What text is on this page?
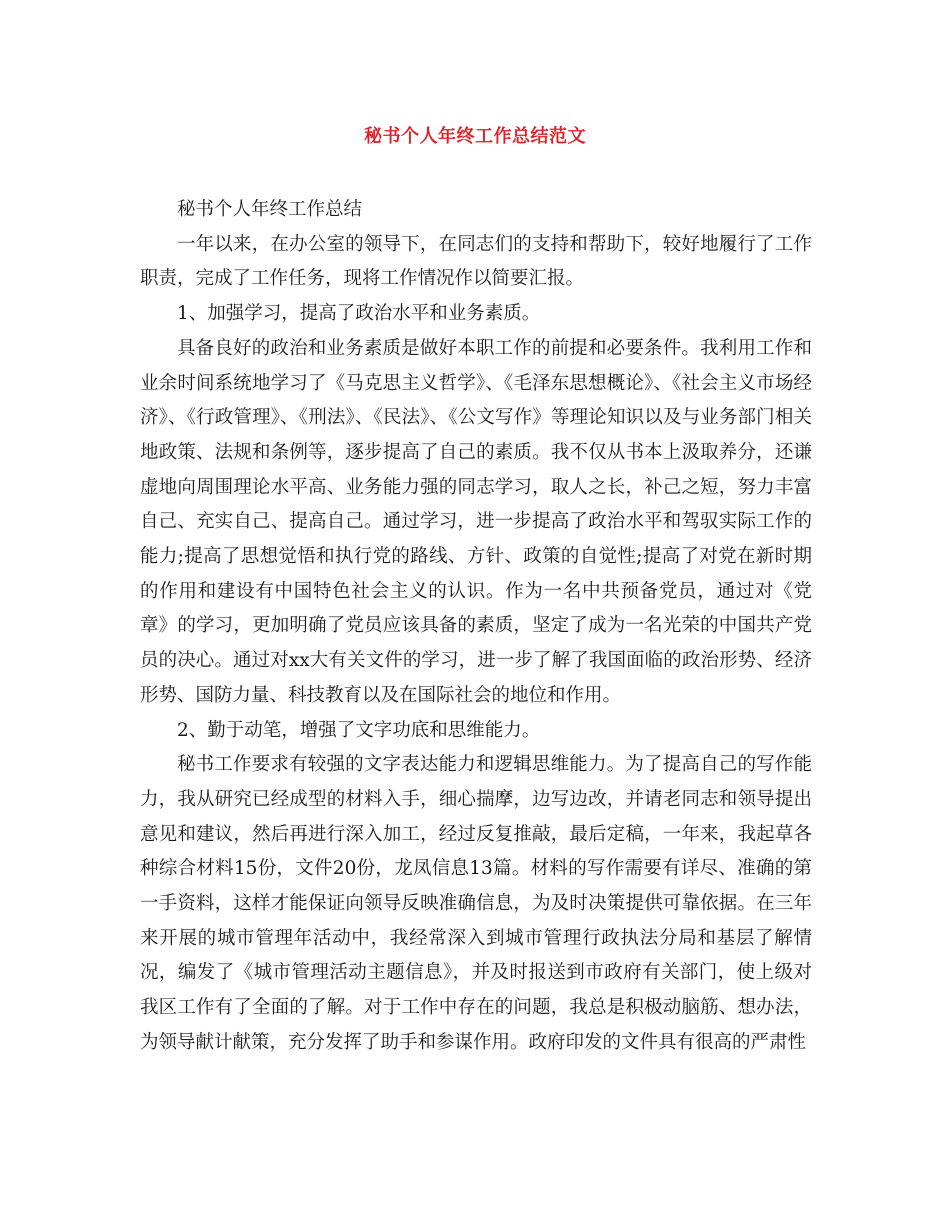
秘书个人年终工作总结范文

秘书个人年终工作总结

一年以来，在办公室的领导下，在同志们的支持和帮助下，较好地履行了工作职责，完成了工作任务，现将工作情况作以简要汇报。

1、加强学习，提高了政治水平和业务素质。

具备良好的政治和业务素质是做好本职工作的前提和必要条件。我利用工作和业余时间系统地学习了《马克思主义哲学》、《毛泽东思想概论》、《社会主义市场经济》、《行政管理》、《刑法》、《民法》、《公文写作》等理论知识以及与业务部门相关地政策、法规和条例等，逐步提高了自己的素质。我不仅从书本上汲取养分，还谦虚地向周围理论水平高、业务能力强的同志学习，取人之长，补己之短，努力丰富自己、充实自己、提高自己。通过学习，进一步提高了政治水平和驾驭实际工作的能力;提高了思想觉悟和执行党的路线、方针、政策的自觉性;提高了对党在新时期的作用和建设有中国特色社会主义的认识。作为一名中共预备党员，通过对《党章》的学习，更加明确了党员应该具备的素质，坚定了成为一名光荣的中国共产党员的决心。通过对xx大有关文件的学习，进一步了解了我国面临的政治形势、经济形势、国防力量、科技教育以及在国际社会的地位和作用。

2、勤于动笔，增强了文字功底和思维能力。

秘书工作要求有较强的文字表达能力和逻辑思维能力。为了提高自己的写作能力，我从研究已经成型的材料入手，细心揣摩，边写边改，并请老同志和领导提出意见和建议，然后再进行深入加工，经过反复推敲，最后定稿，一年来，我起草各种综合材料15份，文件20份，龙凤信息13篇。材料的写作需要有详尽、准确的第一手资料，这样才能保证向领导反映准确信息，为及时决策提供可靠依据。在三年来开展的城市管理年活动中，我经常深入到城市管理行政执法分局和基层了解情况，编发了《城市管理活动主题信息》，并及时报送到市政府有关部门，使上级对我区工作有了全面的了解。对于工作中存在的问题，我总是积极动脑筋、想办法，为领导献计献策，充分发挥了助手和参谋作用。政府印发的文件具有很高的严肃性
